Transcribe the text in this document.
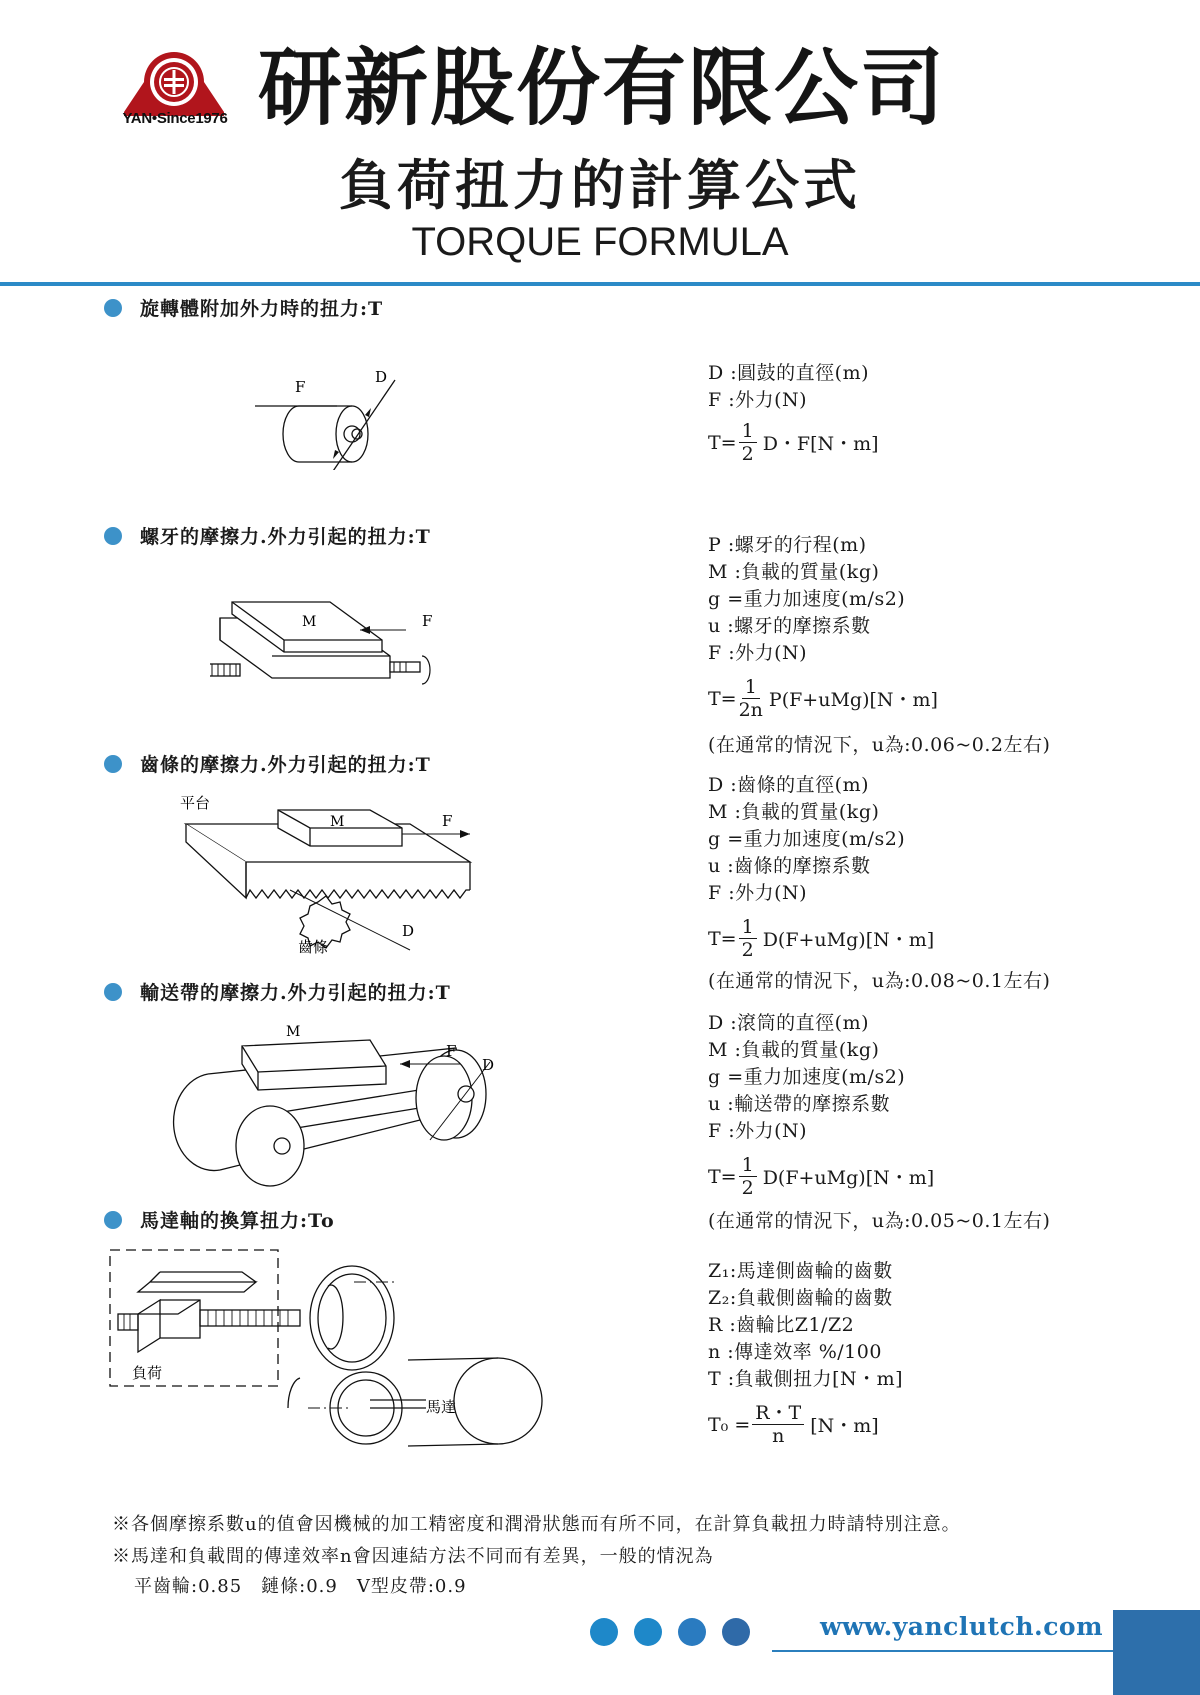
YAN•Since1976 研新股份有限公司
負荷扭力的計算公式
TORQUE FORMULA
旋轉體附加外力時的扭力:T
F
D	D :圓鼓的直徑(m)
F :外力(N)
$T= \frac{1}{2}$ D・F[N・m]
螺牙的摩擦力.外力引起的扭力:T
M	F
P :螺牙的行程(m)
M :負載的質量(kg)
g =重力加速度(m/s2)
u :螺牙的摩擦系數
F :外力(N)
$T= \frac{1}{2n} P(F+uMg)[N$・m]
(在通常的情況下，u為:0.06~0.2左右)
齒條的摩擦力.外力引起的扭力:T
平台
M	F
齒條
D
D :齒條的直徑(m)
M :負載的質量(kg)
g =重力加速度(m/s2)
u :齒條的摩擦系數
F :外力(N)
$T= \frac{1}{2} D(F+uMg)[N$・m]
(在通常的情況下，u為:0.08~0.1左右)
輸送帶的摩擦力.外力引起的扭力:T
M
F
D
D :滾筒的直徑(m)
M :負載的質量(kg)
g =重力加速度(m/s2)
u :輸送帶的摩擦系數
F :外力(N)
$T= \frac{1}{2} D(F+uMg)[N$・m]
(在通常的情況下，u為:0.05~0.1左右)
馬達軸的換算扭力:To
負荷
馬達
Z₁:馬達側齒輪的齒數
Z₂:負載側齒輪的齒數
R :齒輪比Z1/Z2
n :傳達效率 %/100
T :負載側扭力[N・m]
$T_0 = \frac{R・T}{n} [N$・m]
※各個摩擦系數u的值會因機械的加工精密度和潤滑狀態而有所不同，在計算負載扭力時請特別注意。
※馬達和負載間的傳達效率n會因連結方法不同而有差異，一般的情況為
平齒輪:0.85　鏈條:0.9　V型皮帶:0.9
www.yanclutch.com
